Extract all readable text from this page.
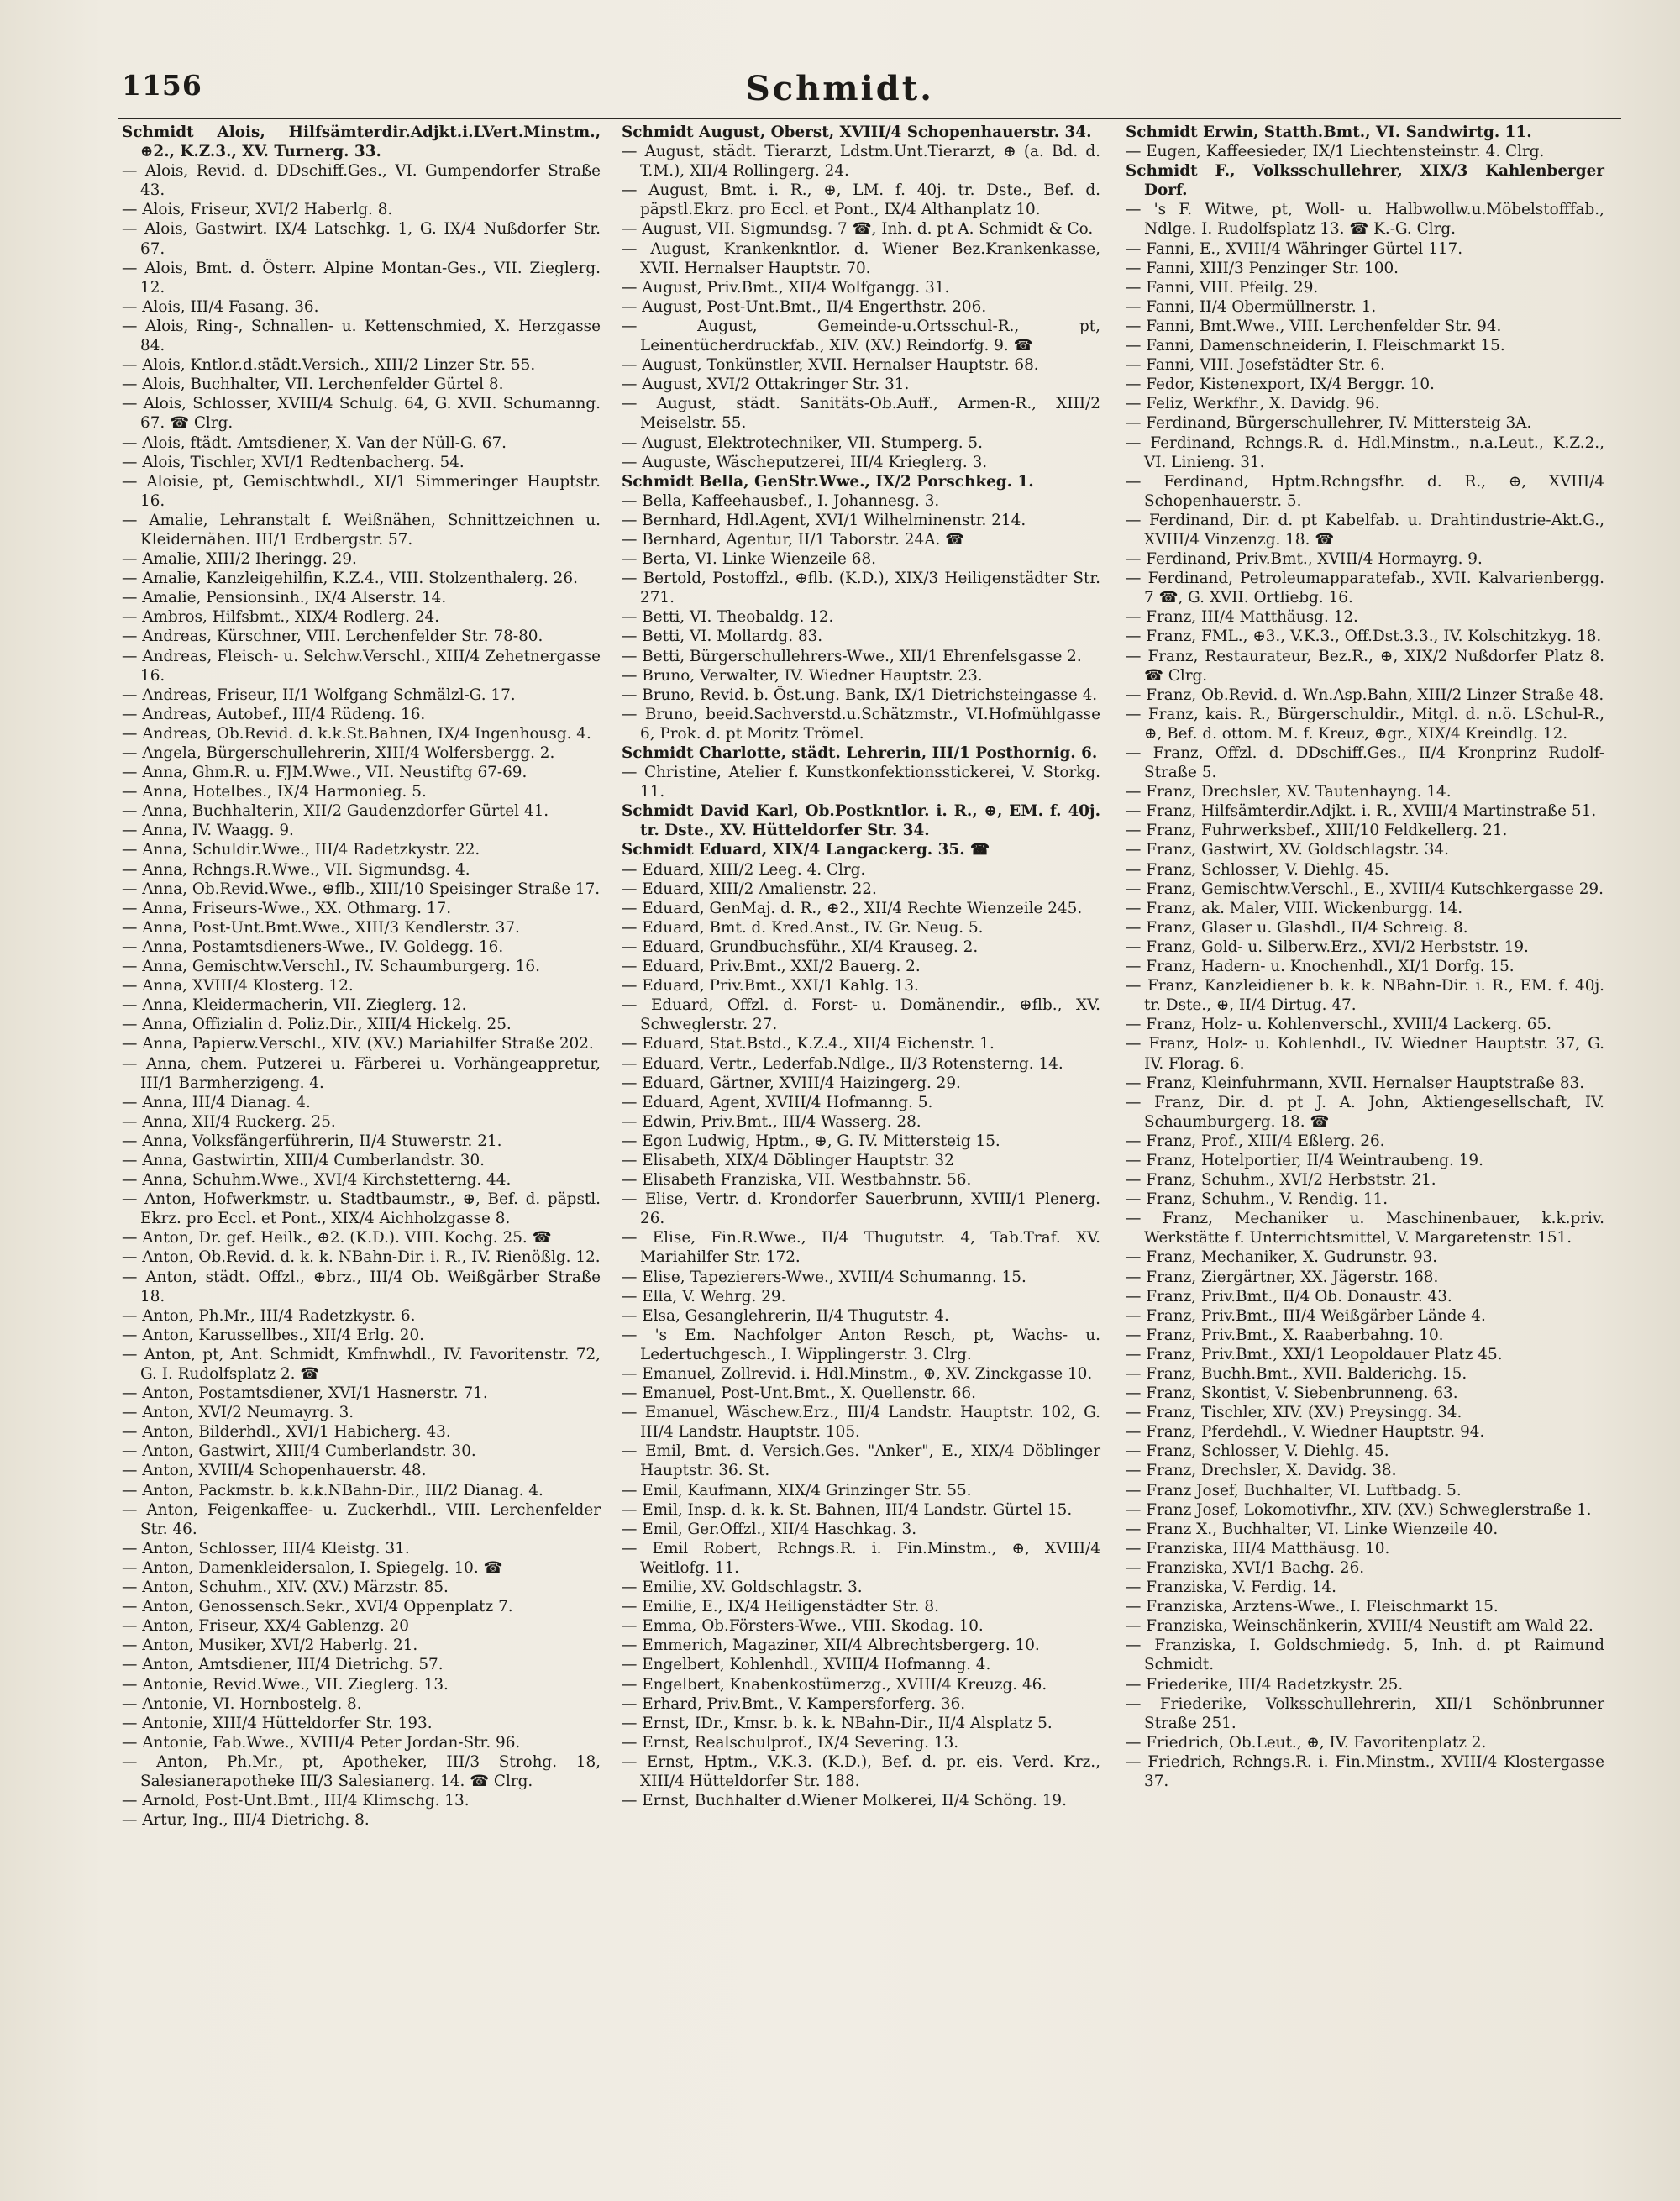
1156	Schmidt.

Schmidt Alois, Hilfsämterdir.Adjkt.i.LVert.Minstm., ⊕2., K.Z.3., XV. Turnerg. 33.

— Alois, Revid. d. DDschiff.Ges., VI. Gumpendorfer Straße 43.

— Alois, Friseur, XVI/2 Haberlg. 8.

— Alois, Gastwirt. IX/4 Latschkg. 1, G. IX/4 Nußdorfer Str. 67.

— Alois, Bmt. d. Österr. Alpine Montan-Ges., VII. Zieglerg. 12.

— Alois, III/4 Fasang. 36.

— Alois, Ring-, Schnallen- u. Kettenschmied, X. Herzgasse 84.

— Alois, Kntlor.d.städt.Versich., XIII/2 Linzer Str. 55.

— Alois, Buchhalter, VII. Lerchenfelder Gürtel 8.

— Alois, Schlosser, XVIII/4 Schulg. 64, G. XVII. Schumanng. 67. ☎ Clrg.

— Alois, ftädt. Amtsdiener, X. Van der Nüll-G. 67.

— Alois, Tischler, XVI/1 Redtenbacherg. 54.

— Aloisie, pt, Gemischtwhdl., XI/1 Simmeringer Hauptstr. 16.

— Amalie, Lehranstalt f. Weißnähen, Schnittzeichnen u. Kleidernähen. III/1 Erdbergstr. 57.

— Amalie, XIII/2 Iheringg. 29.

— Amalie, Kanzleigehilfin, K.Z.4., VIII. Stolzenthalerg. 26.

— Amalie, Pensionsinh., IX/4 Alserstr. 14.

— Ambros, Hilfsbmt., XIX/4 Rodlerg. 24.

— Andreas, Kürschner, VIII. Lerchenfelder Str. 78-80.

— Andreas, Fleisch- u. Selchw.Verschl., XIII/4 Zehetnergasse 16.

— Andreas, Friseur, II/1 Wolfgang Schmälzl-G. 17.

— Andreas, Autobef., III/4 Rüdeng. 16.

— Andreas, Ob.Revid. d. k.k.St.Bahnen, IX/4 Ingenhousg. 4.

— Angela, Bürgerschullehrerin, XIII/4 Wolfersbergg. 2.

— Anna, Ghm.R. u. FJM.Wwe., VII. Neustiftg 67-69.

— Anna, Hotelbes., IX/4 Harmonieg. 5.

— Anna, Buchhalterin, XII/2 Gaudenzdorfer Gürtel 41.

— Anna, IV. Waagg. 9.

— Anna, Schuldir.Wwe., III/4 Radetzkystr. 22.

— Anna, Rchngs.R.Wwe., VII. Sigmundsg. 4.

— Anna, Ob.Revid.Wwe., ⊕flb., XIII/10 Speisinger Straße 17.

— Anna, Friseurs-Wwe., XX. Othmarg. 17.

— Anna, Post-Unt.Bmt.Wwe., XIII/3 Kendlerstr. 37.

— Anna, Postamtsdieners-Wwe., IV. Goldegg. 16.

— Anna, Gemischtw.Verschl., IV. Schaumburgerg. 16.

— Anna, XVIII/4 Klosterg. 12.

— Anna, Kleidermacherin, VII. Zieglerg. 12.

— Anna, Offizialin d. Poliz.Dir., XIII/4 Hickelg. 25.

— Anna, Papierw.Verschl., XIV. (XV.) Mariahilfer Straße 202.

— Anna, chem. Putzerei u. Färberei u. Vorhängeappretur, III/1 Barmherzigeng. 4.

— Anna, III/4 Dianag. 4.

— Anna, XII/4 Ruckerg. 25.

— Anna, Volksfängerführerin, II/4 Stuwerstr. 21.

— Anna, Gastwirtin, XIII/4 Cumberlandstr. 30.

— Anna, Schuhm.Wwe., XVI/4 Kirchstetterng. 44.

— Anton, Hofwerkmstr. u. Stadtbaumstr., ⊕, Bef. d. päpstl. Ekrz. pro Eccl. et Pont., XIX/4 Aichholzgasse 8.

— Anton, Dr. gef. Heilk., ⊕2. (K.D.). VIII. Kochg. 25. ☎

— Anton, Ob.Revid. d. k. k. NBahn-Dir. i. R., IV. Rienößlg. 12.

— Anton, städt. Offzl., ⊕brz., III/4 Ob. Weißgärber Straße 18.

— Anton, Ph.Mr., III/4 Radetzkystr. 6.

— Anton, Karussellbes., XII/4 Erlg. 20.

— Anton, pt, Ant. Schmidt, Kmfnwhdl., IV. Favoritenstr. 72, G. I. Rudolfsplatz 2. ☎

— Anton, Postamtsdiener, XVI/1 Hasnerstr. 71.

— Anton, XVI/2 Neumayrg. 3.

— Anton, Bilderhdl., XVI/1 Habicherg. 43.

— Anton, Gastwirt, XIII/4 Cumberlandstr. 30.

— Anton, XVIII/4 Schopenhauerstr. 48.

— Anton, Packmstr. b. k.k.NBahn-Dir., III/2 Dianag. 4.

— Anton, Feigenkaffee- u. Zuckerhdl., VIII. Lerchenfelder Str. 46.

— Anton, Schlosser, III/4 Kleistg. 31.

— Anton, Damenkleidersalon, I. Spiegelg. 10. ☎

— Anton, Schuhm., XIV. (XV.) Märzstr. 85.

— Anton, Genossensch.Sekr., XVI/4 Oppenplatz 7.

— Anton, Friseur, XX/4 Gablenzg. 20

— Anton, Musiker, XVI/2 Haberlg. 21.

— Anton, Amtsdiener, III/4 Dietrichg. 57.

— Antonie, Revid.Wwe., VII. Zieglerg. 13.

— Antonie, VI. Hornbostelg. 8.

— Antonie, XIII/4 Hütteldorfer Str. 193.

— Antonie, Fab.Wwe., XVIII/4 Peter Jordan-Str. 96.

— Anton, Ph.Mr., pt, Apotheker, III/3 Strohg. 18, Salesianerapotheke III/3 Salesianerg. 14. ☎ Clrg.

— Arnold, Post-Unt.Bmt., III/4 Klimschg. 13.

— Artur, Ing., III/4 Dietrichg. 8.

Schmidt August, Oberst, XVIII/4 Schopenhauerstr. 34.

— August, städt. Tierarzt, Ldstm.Unt.Tierarzt, ⊕ (a. Bd. d. T.M.), XII/4 Rollingerg. 24.

— August, Bmt. i. R., ⊕, LM. f. 40j. tr. Dste., Bef. d. päpstl.Ekrz. pro Eccl. et Pont., IX/4 Althanplatz 10.

— August, VII. Sigmundsg. 7 ☎, Inh. d. pt A. Schmidt & Co.

— August, Krankenkntlor. d. Wiener Bez.Krankenkasse, XVII. Hernalser Hauptstr. 70.

— August, Priv.Bmt., XII/4 Wolfgangg. 31.

— August, Post-Unt.Bmt., II/4 Engerthstr. 206.

— August, Gemeinde-u.Ortsschul-R., pt, Leinentücherdruckfab., XIV. (XV.) Reindorfg. 9. ☎

— August, Tonkünstler, XVII. Hernalser Hauptstr. 68.

— August, XVI/2 Ottakringer Str. 31.

— August, städt. Sanitäts-Ob.Auff., Armen-R., XIII/2 Meiselstr. 55.

— August, Elektrotechniker, VII. Stumperg. 5.

— Auguste, Wäscheputzerei, III/4 Krieglerg. 3.

Schmidt Bella, GenStr.Wwe., IX/2 Porschkeg. 1.

— Bella, Kaffeehausbef., I. Johannesg. 3.

— Bernhard, Hdl.Agent, XVI/1 Wilhelminenstr. 214.

— Bernhard, Agentur, II/1 Taborstr. 24A. ☎

— Berta, VI. Linke Wienzeile 68.

— Bertold, Postoffzl., ⊕flb. (K.D.), XIX/3 Heiligenstädter Str. 271.

— Betti, VI. Theobaldg. 12.

— Betti, VI. Mollardg. 83.

— Betti, Bürgerschullehrers-Wwe., XII/1 Ehrenfelsgasse 2.

— Bruno, Verwalter, IV. Wiedner Hauptstr. 23.

— Bruno, Revid. b. Öst.ung. Bank, IX/1 Dietrichsteingasse 4.

— Bruno, beeid.Sachverstd.u.Schätzmstr., VI.Hofmühlgasse 6, Prok. d. pt Moritz Trömel.

Schmidt Charlotte, städt. Lehrerin, III/1 Posthornig. 6.

— Christine, Atelier f. Kunstkonfektionsstickerei, V. Storkg. 11.

Schmidt David Karl, Ob.Postkntlor. i. R., ⊕, EM. f. 40j. tr. Dste., XV. Hütteldorfer Str. 34.

Schmidt Eduard, XIX/4 Langackerg. 35. ☎

— Eduard, XIII/2 Leeg. 4. Clrg.

— Eduard, XIII/2 Amalienstr. 22.

— Eduard, GenMaj. d. R., ⊕2., XII/4 Rechte Wienzeile 245.

— Eduard, Bmt. d. Kred.Anst., IV. Gr. Neug. 5.

— Eduard, Grundbuchsführ., XI/4 Krauseg. 2.

— Eduard, Priv.Bmt., XXI/2 Bauerg. 2.

— Eduard, Priv.Bmt., XXI/1 Kahlg. 13.

— Eduard, Offzl. d. Forst- u. Domänendir., ⊕flb., XV. Schweglerstr. 27.

— Eduard, Stat.Bstd., K.Z.4., XII/4 Eichenstr. 1.

— Eduard, Vertr., Lederfab.Ndlge., II/3 Rotensterng. 14.

— Eduard, Gärtner, XVIII/4 Haizingerg. 29.

— Eduard, Agent, XVIII/4 Hofmanng. 5.

— Edwin, Priv.Bmt., III/4 Wasserg. 28.

— Egon Ludwig, Hptm., ⊕, G. IV. Mittersteig 15.

— Elisabeth, XIX/4 Döblinger Hauptstr. 32

— Elisabeth Franziska, VII. Westbahnstr. 56.

— Elise, Vertr. d. Krondorfer Sauerbrunn, XVIII/1 Plenerg. 26.

— Elise, Fin.R.Wwe., II/4 Thugutstr. 4, Tab.Traf. XV. Mariahilfer Str. 172.

— Elise, Tapezierers-Wwe., XVIII/4 Schumanng. 15.

— Ella, V. Wehrg. 29.

— Elsa, Gesanglehrerin, II/4 Thugutstr. 4.

— 's Em. Nachfolger Anton Resch, pt, Wachs- u. Ledertuchgesch., I. Wipplingerstr. 3. Clrg.

— Emanuel, Zollrevid. i. Hdl.Minstm., ⊕, XV. Zinckgasse 10.

— Emanuel, Post-Unt.Bmt., X. Quellenstr. 66.

— Emanuel, Wäschew.Erz., III/4 Landstr. Hauptstr. 102, G. III/4 Landstr. Hauptstr. 105.

— Emil, Bmt. d. Versich.Ges. "Anker", E., XIX/4 Döblinger Hauptstr. 36. St.

— Emil, Kaufmann, XIX/4 Grinzinger Str. 55.

— Emil, Insp. d. k. k. St. Bahnen, III/4 Landstr. Gürtel 15.

— Emil, Ger.Offzl., XII/4 Haschkag. 3.

— Emil Robert, Rchngs.R. i. Fin.Minstm., ⊕, XVIII/4 Weitlofg. 11.

— Emilie, XV. Goldschlagstr. 3.

— Emilie, E., IX/4 Heiligenstädter Str. 8.

— Emma, Ob.Försters-Wwe., VIII. Skodag. 10.

— Emmerich, Magaziner, XII/4 Albrechtsbergerg. 10.

— Engelbert, Kohlenhdl., XVIII/4 Hofmanng. 4.

— Engelbert, Knabenkostümerzg., XVIII/4 Kreuzg. 46.

— Erhard, Priv.Bmt., V. Kampersforferg. 36.

— Ernst, IDr., Kmsr. b. k. k. NBahn-Dir., II/4 Alsplatz 5.

— Ernst, Realschulprof., IX/4 Severing. 13.

— Ernst, Hptm., V.K.3. (K.D.), Bef. d. pr. eis. Verd. Krz., XIII/4 Hütteldorfer Str. 188.

— Ernst, Buchhalter d.Wiener Molkerei, II/4 Schöng. 19.

Schmidt Erwin, Statth.Bmt., VI. Sandwirtg. 11.

— Eugen, Kaffeesieder, IX/1 Liechtensteinstr. 4. Clrg.

Schmidt F., Volksschullehrer, XIX/3 Kahlenberger Dorf.

— 's F. Witwe, pt, Woll- u. Halbwollw.u.Möbelstofffab., Ndlge. I. Rudolfsplatz 13. ☎ K.-G. Clrg.

— Fanni, E., XVIII/4 Währinger Gürtel 117.

— Fanni, XIII/3 Penzinger Str. 100.

— Fanni, VIII. Pfeilg. 29.

— Fanni, II/4 Obermüllnerstr. 1.

— Fanni, Bmt.Wwe., VIII. Lerchenfelder Str. 94.

— Fanni, Damenschneiderin, I. Fleischmarkt 15.

— Fanni, VIII. Josefstädter Str. 6.

— Fedor, Kistenexport, IX/4 Berggr. 10.

— Feliz, Werkfhr., X. Davidg. 96.

— Ferdinand, Bürgerschullehrer, IV. Mittersteig 3A.

— Ferdinand, Rchngs.R. d. Hdl.Minstm., n.a.Leut., K.Z.2., VI. Linieng. 31.

— Ferdinand, Hptm.Rchngsfhr. d. R., ⊕, XVIII/4 Schopenhauerstr. 5.

— Ferdinand, Dir. d. pt Kabelfab. u. Drahtindustrie-Akt.G., XVIII/4 Vinzenzg. 18. ☎

— Ferdinand, Priv.Bmt., XVIII/4 Hormayrg. 9.

— Ferdinand, Petroleumapparatefab., XVII. Kalvarienbergg. 7 ☎, G. XVII. Ortliebg. 16.

— Franz, III/4 Matthäusg. 12.

— Franz, FML., ⊕3., V.K.3., Off.Dst.3.3., IV. Kolschitzkyg. 18.

— Franz, Restaurateur, Bez.R., ⊕, XIX/2 Nußdorfer Platz 8. ☎ Clrg.

— Franz, Ob.Revid. d. Wn.Asp.Bahn, XIII/2 Linzer Straße 48.

— Franz, kais. R., Bürgerschuldir., Mitgl. d. n.ö. LSchul-R., ⊕, Bef. d. ottom. M. f. Kreuz, ⊕gr., XIX/4 Kreindlg. 12.

— Franz, Offzl. d. DDschiff.Ges., II/4 Kronprinz Rudolf-Straße 5.

— Franz, Drechsler, XV. Tautenhayng. 14.

— Franz, Hilfsämterdir.Adjkt. i. R., XVIII/4 Martinstraße 51.

— Franz, Fuhrwerksbef., XIII/10 Feldkellerg. 21.

— Franz, Gastwirt, XV. Goldschlagstr. 34.

— Franz, Schlosser, V. Diehlg. 45.

— Franz, Gemischtw.Verschl., E., XVIII/4 Kutschkergasse 29.

— Franz, ak. Maler, VIII. Wickenburgg. 14.

— Franz, Glaser u. Glashdl., II/4 Schreig. 8.

— Franz, Gold- u. Silberw.Erz., XVI/2 Herbststr. 19.

— Franz, Hadern- u. Knochenhdl., XI/1 Dorfg. 15.

— Franz, Kanzleidiener b. k. k. NBahn-Dir. i. R., EM. f. 40j. tr. Dste., ⊕, II/4 Dirtug. 47.

— Franz, Holz- u. Kohlenverschl., XVIII/4 Lackerg. 65.

— Franz, Holz- u. Kohlenhdl., IV. Wiedner Hauptstr. 37, G. IV. Florag. 6.

— Franz, Kleinfuhrmann, XVII. Hernalser Hauptstraße 83.

— Franz, Dir. d. pt J. A. John, Aktiengesellschaft, IV. Schaumburgerg. 18. ☎

— Franz, Prof., XIII/4 Eßlerg. 26.

— Franz, Hotelportier, II/4 Weintraubeng. 19.

— Franz, Schuhm., XVI/2 Herbststr. 21.

— Franz, Schuhm., V. Rendig. 11.

— Franz, Mechaniker u. Maschinenbauer, k.k.priv. Werkstätte f. Unterrichtsmittel, V. Margaretenstr. 151.

— Franz, Mechaniker, X. Gudrunstr. 93.

— Franz, Ziergärtner, XX. Jägerstr. 168.

— Franz, Priv.Bmt., II/4 Ob. Donaustr. 43.

— Franz, Priv.Bmt., III/4 Weißgärber Lände 4.

— Franz, Priv.Bmt., X. Raaberbahng. 10.

— Franz, Priv.Bmt., XXI/1 Leopoldauer Platz 45.

— Franz, Buchh.Bmt., XVII. Balderichg. 15.

— Franz, Skontist, V. Siebenbrunneng. 63.

— Franz, Tischler, XIV. (XV.) Preysingg. 34.

— Franz, Pferdehdl., V. Wiedner Hauptstr. 94.

— Franz, Schlosser, V. Diehlg. 45.

— Franz, Drechsler, X. Davidg. 38.

— Franz Josef, Buchhalter, VI. Luftbadg. 5.

— Franz Josef, Lokomotivfhr., XIV. (XV.) Schweglerstraße 1.

— Franz X., Buchhalter, VI. Linke Wienzeile 40.

— Franziska, III/4 Matthäusg. 10.

— Franziska, XVI/1 Bachg. 26.

— Franziska, V. Ferdig. 14.

— Franziska, Arztens-Wwe., I. Fleischmarkt 15.

— Franziska, Weinschänkerin, XVIII/4 Neustift am Wald 22.

— Franziska, I. Goldschmiedg. 5, Inh. d. pt Raimund Schmidt.

— Friederike, III/4 Radetzkystr. 25.

— Friederike, Volksschullehrerin, XII/1 Schönbrunner Straße 251.

— Friedrich, Ob.Leut., ⊕, IV. Favoritenplatz 2.

— Friedrich, Rchngs.R. i. Fin.Minstm., XVIII/4 Klostergasse 37.
